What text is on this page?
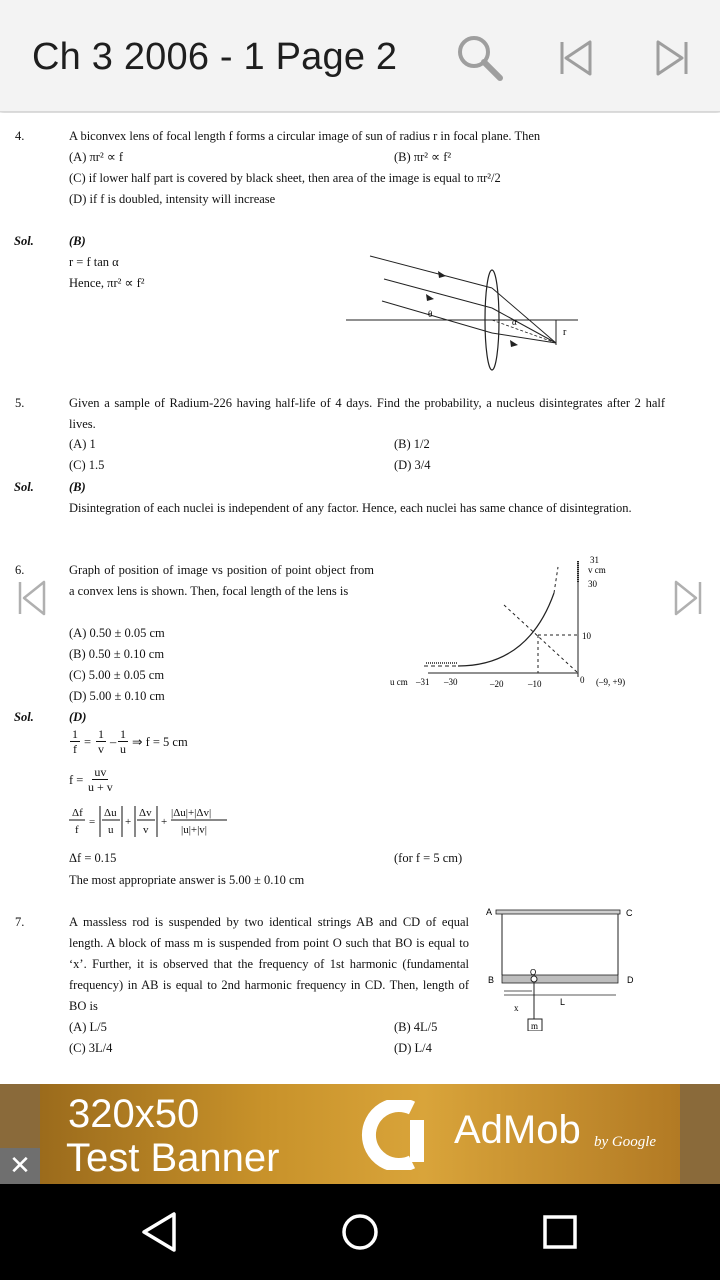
Ch 3 2006 - 1 Page 2
4.	A biconvex lens of focal length f forms a circular image of sun of radius r in focal plane. Then
(A) πr² ∝ f	(B) πr² ∝ f²
(C) if lower half part is covered by black sheet, then area of the image is equal to πr²/2
(D) if f is doubled, intensity will increase
Sol.	(B)
r = f tan α
Hence, πr² ∝ f²
θ
α
r
5.	Given a sample of Radium-226 having half-life of 4 days. Find the probability, a nucleus disintegrates after 2 half lives.
(A) 1	(B) 1/2
(C) 1.5	(D) 3/4
Sol.	(B)
Disintegration of each nuclei is independent of any factor. Hence, each nuclei has same chance of disintegration.
6.	Graph of position of image vs position of point object from a convex lens is shown. Then, focal length of the lens is
(A) 0.50 ± 0.05 cm
(B) 0.50 ± 0.10 cm
(C) 5.00 ± 0.05 cm
(D) 5.00 ± 0.10 cm
31
v cm
30
10
u cm –31 –30	–20	–10	0 (–9, +9)
Sol.	(D)
$\frac{1}{f} = \frac{1}{v} - \frac{1}{u}$ ⇒ f = 5 cm
$f = \frac{uv}{u + v}$
Δf
f
=
Δu
u
+
Δv
v
+
|Δu|+|Δv|
|u|+|v|
Δf = 0.15	(for f = 5 cm)
The most appropriate answer is 5.00 ± 0.10 cm
7.	A massless rod is suspended by two identical strings AB and CD of equal length. A block of mass m is suspended from point O such that BO is equal to ‘x’. Further, it is observed that the frequency of 1st harmonic (fundamental frequency) in AB is equal to 2nd harmonic frequency in CD. Then, length of BO is
(A) L/5	(B) 4L/5
(C) 3L/4	(D) L/4
A	C
B	D
O
L
x
m
320x50
Test Banner
AdMob by Google
✕
